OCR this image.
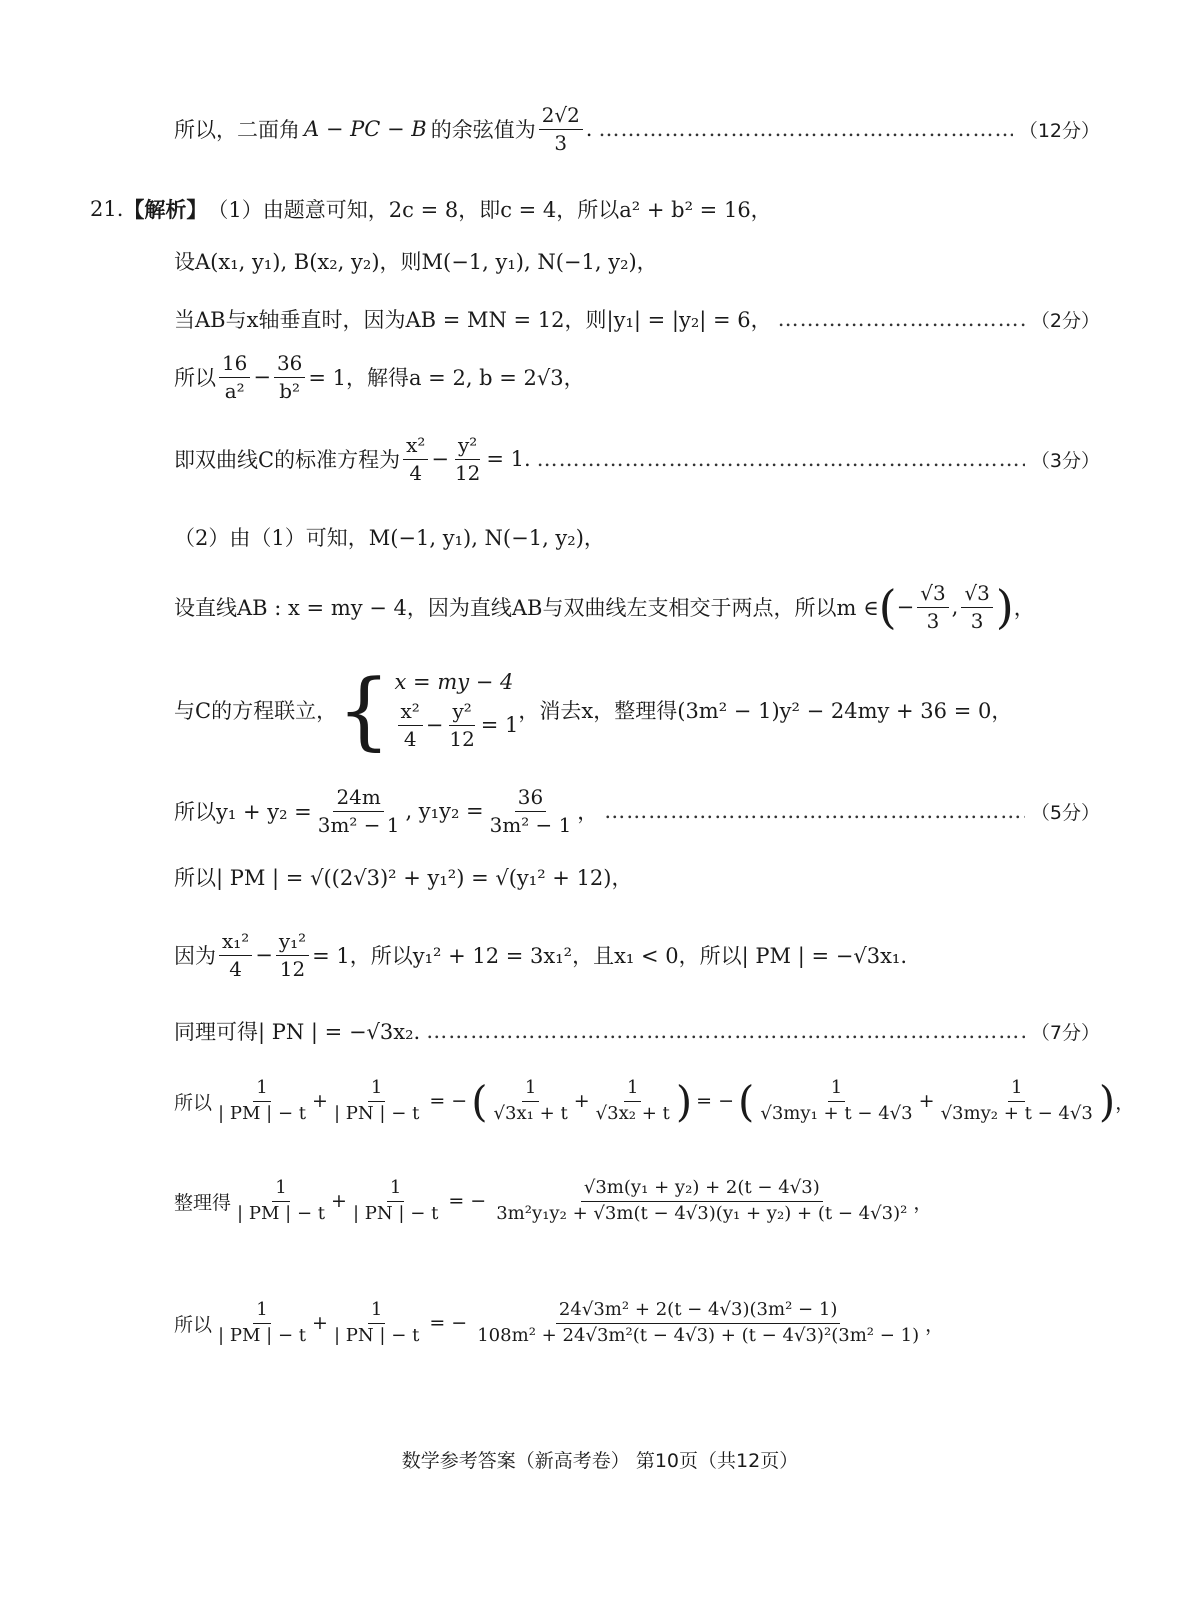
所以，二面角 A − PC − B 的余弦值为 $\frac{2√2}{3}$ . …………………………………………………………………………………………………………………………………………………………………	（12分）
21. 【解析】 （1）由题意可知，2c = 8，即c = 4，所以a² + b² = 16，
设A(x₁, y₁), B(x₂, y₂)，则M(−1, y₁), N(−1, y₂)，
当AB与x轴垂直时，因为AB = MN = 12，则|y₁| = |y₂| = 6， …………………………………………………………………………………………………………………………………………………………………	（2分）
所以 $\frac{16}{\text{a²}} - \frac{36}{\text{b²}} = 1$，解得a = 2, b = 2√3，
即双曲线C的标准方程为 $\frac{\text{x²}}{4} - \frac{\text{y²}}{12} = 1$. …………………………………………………………………………………………………………………………………………………………………	（3分）
（2）由（1）可知，M(−1, y₁), N(−1, y₂)，
设直线AB : x = my − 4，因为直线AB与双曲线左支相交于两点，所以m ∈ ( − $\frac{√3}{3}$ , $\frac{√3}{3}$ ) ，
与C的方程联立， { x = my − 4
$\frac{\text{x²}}{4} - \frac{\text{y²}}{12} = 1$
，消去x，整理得(3m² − 1)y² − 24my + 36 = 0，
所以$y_1 + y_2 = \frac{24m}{\text{3m² − 1}}$ , $y_1y_2 = \frac{36}{\text{3m² − 1}}$ ， …………………………………………………………………………………………………………………………………………………………………	（5分）
所以| PM | = √((2√3)² + y₁²) = √(y₁² + 12)，
因为 $\frac{\text{x₁²}}{4} - \frac{\text{y₁²}}{12} = 1$，所以y₁² + 12 = 3x₁²，且x₁ < 0，所以| PM | = −√3x₁.
同理可得| PN | = −√3x₂. …………………………………………………………………………………………………………………………………………………………………	（7分）
所以 $\frac{1}{| PM | - t} + \frac{1}{| PN | - t}$ = − ( $\frac{1}{\text{√3x₁ + t}} + \frac{1}{\text{√3x₂ + t}}$ ) = − ( $\frac{1}{\text{√3my₁ + t − 4√3}} + \frac{1}{\text{√3my₂ + t − 4√3}}$ ) ，
整理得 $\frac{1}{| PM | - t} + \frac{1}{| PN | - t}$ = − $\frac{\text{√3m(y₁ + y₂) + 2(t − 4√3)}}{\text{3m²y₁y₂ + √3m(t − 4√3)(y₁ + y₂) + (t − 4√3)²}}$ ，
所以 $\frac{1}{| PM | - t} + \frac{1}{| PN | - t}$ = − $\frac{\text{24√3m² + 2(t − 4√3)(3m² − 1)}}{\text{108m² + 24√3m²(t − 4√3) + (t − 4√3)²(3m² − 1)}}$ ，
数学参考答案（新高考卷） 第10页（共12页）
